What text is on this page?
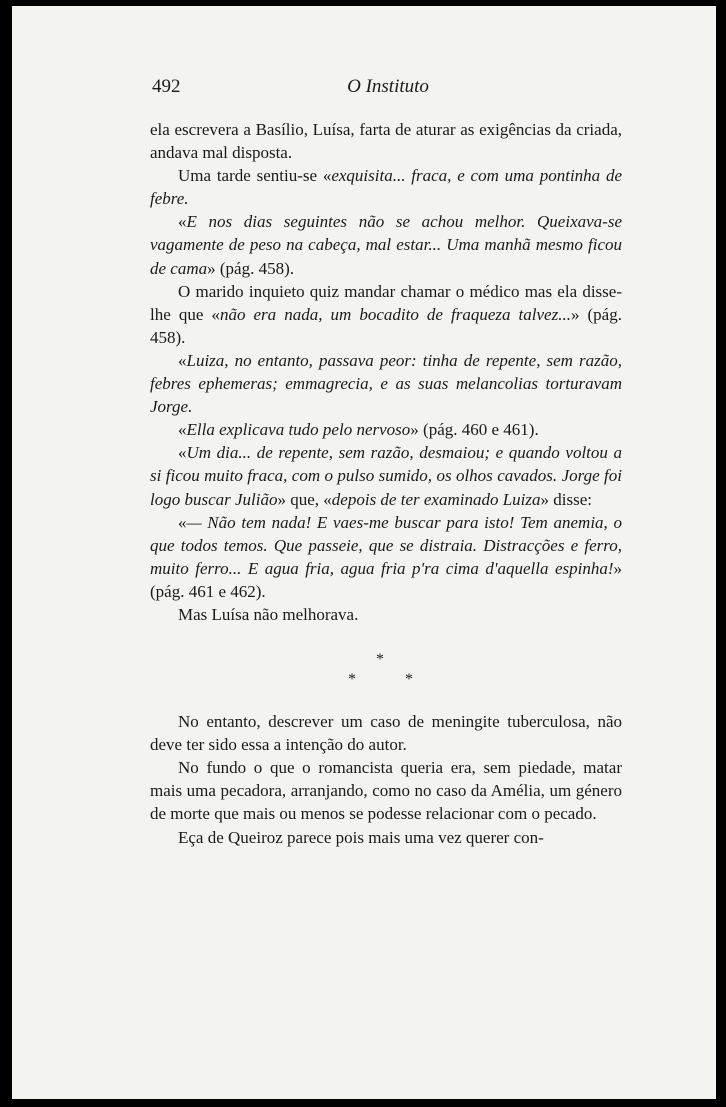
492	O Instituto

ela escrevera a Basílio, Luísa, farta de aturar as exigências da criada, andava mal disposta.

Uma tarde sentiu-se «exquisita... fraca, e com uma pontinha de febre.

«E nos dias seguintes não se achou melhor. Queixava-se vagamente de peso na cabeça, mal estar... Uma manhã mesmo ficou de cama» (pág. 458).

O marido inquieto quiz mandar chamar o médico mas ela disse-lhe que «não era nada, um bocadito de fraqueza talvez...» (pág. 458).

«Luiza, no entanto, passava peor: tinha de repente, sem razão, febres ephemeras; emmagrecia, e as suas melancolias torturavam Jorge.

«Ella explicava tudo pelo nervoso» (pág. 460 e 461).

«Um dia... de repente, sem razão, desmaiou; e quando voltou a si ficou muito fraca, com o pulso sumido, os olhos cavados. Jorge foi logo buscar Julião» que, «depois de ter examinado Luiza» disse:

«— Não tem nada! E vaes-me buscar para isto! Tem anemia, o que todos temos. Que passeie, que se distraia. Distracções e ferro, muito ferro... E agua fria, agua fria p'ra cima d'aquella espinha!» (pág. 461 e 462).

Mas Luísa não melhorava.

*
*	*

No entanto, descrever um caso de meningite tuberculosa, não deve ter sido essa a intenção do autor.

No fundo o que o romancista queria era, sem piedade, matar mais uma pecadora, arranjando, como no caso da Amélia, um género de morte que mais ou menos se podesse relacionar com o pecado.

Eça de Queiroz parece pois mais uma vez querer con-
